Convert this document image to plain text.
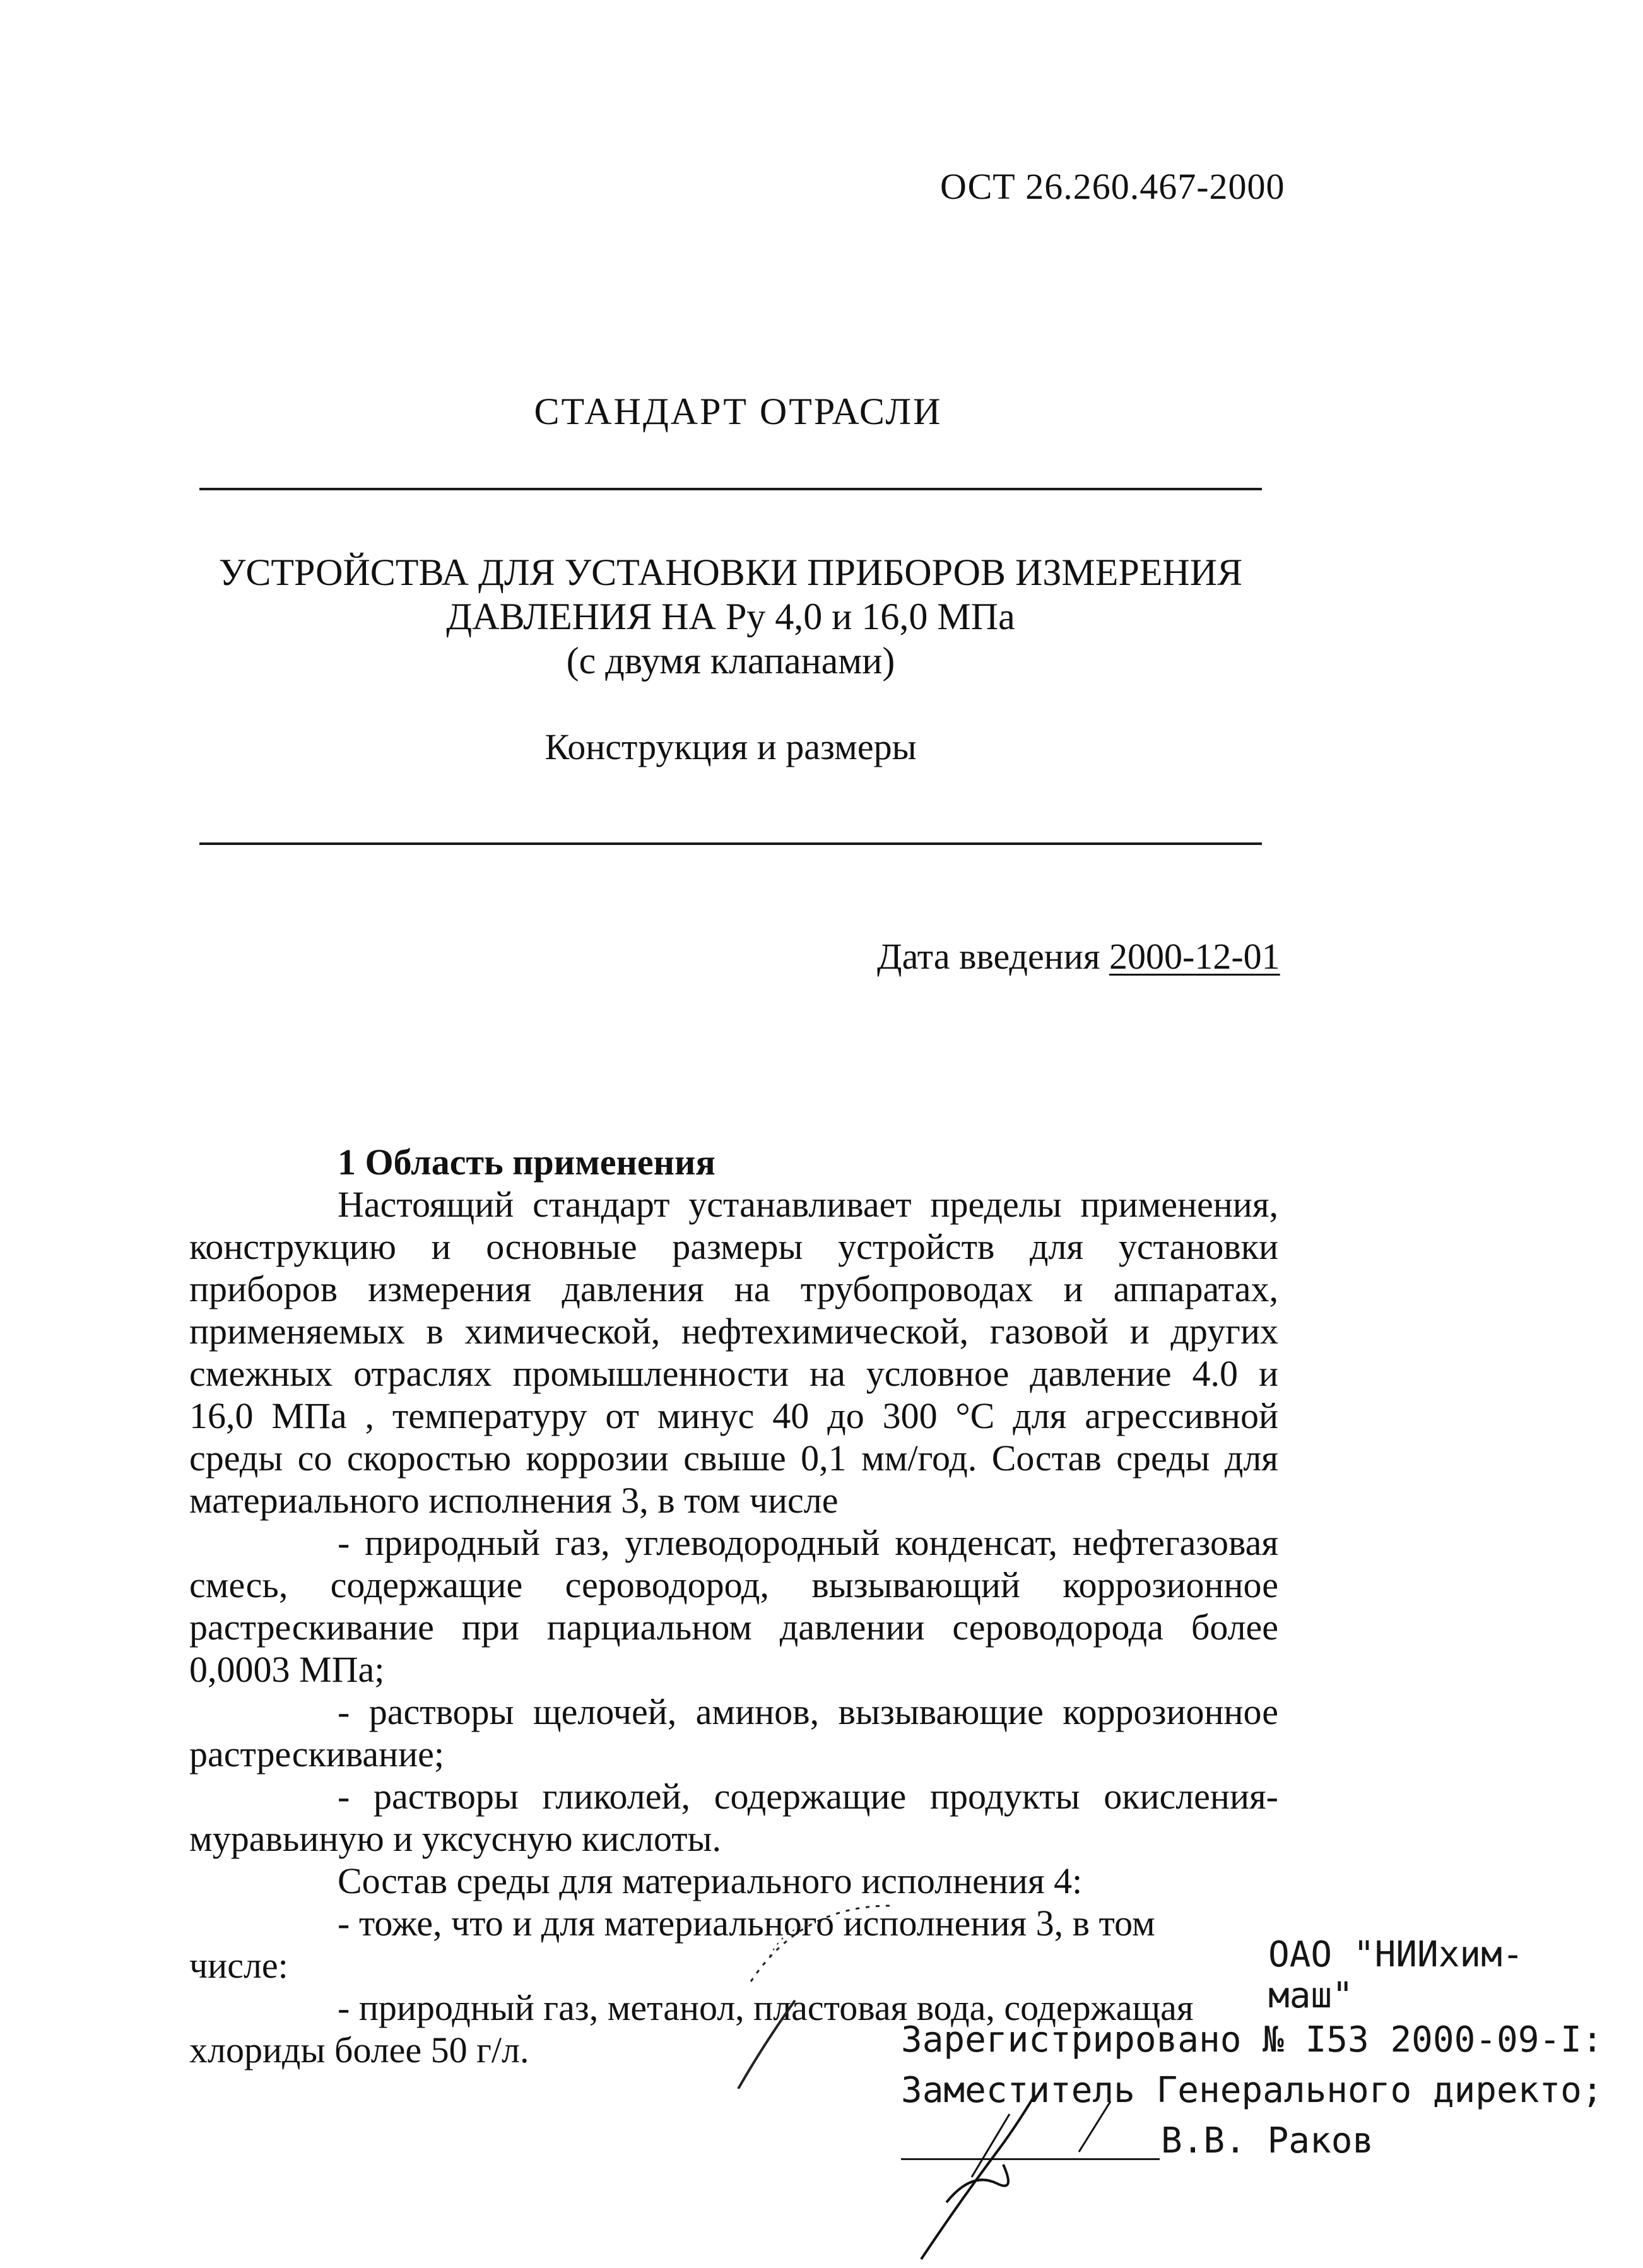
ОСТ 26.260.467-2000
СТАНДАРТ ОТРАСЛИ
УСТРОЙСТВА ДЛЯ УСТАНОВКИ ПРИБОРОВ ИЗМЕРЕНИЯ
ДАВЛЕНИЯ НА Ру 4,0 и 16,0 МПа
(с двумя клапанами)
Конструкция и размеры
Дата введения 2000-12-01
1 Область применения

Настоящий стандарт устанавливает пределы применения,

конструкцию и основные размеры устройств для установки

приборов измерения давления на трубопроводах и аппаратах,

применяемых в химической, нефтехимической, газовой и других

смежных отраслях промышленности на условное давление 4.0 и

16,0 МПа , температуру от минус 40 до 300 °С для агрессивной

среды со скоростью коррозии свыше 0,1 мм/год. Состав среды для

материального исполнения 3, в том числе

- природный газ, углеводородный конденсат, нефтегазовая

смесь, содержащие сероводород, вызывающий коррозионное

растрескивание при парциальном давлении сероводорода более

0,0003 МПа;

- растворы щелочей, аминов, вызывающие коррозионное

растрескивание;

- растворы гликолей, содержащие продукты окисления-

муравьиную и уксусную кислоты.

Состав среды для материального исполнения 4:

- тоже, что и для материального исполнения 3, в том

числе:

- природный газ, метанол, пластовая вода, содержащая

хлориды более 50 г/л.

ОАО "НИИхим-
маш"
Зарегистрировано № I53 2000-09-I:
Заместитель Генерального директо;
В.В. Раков
